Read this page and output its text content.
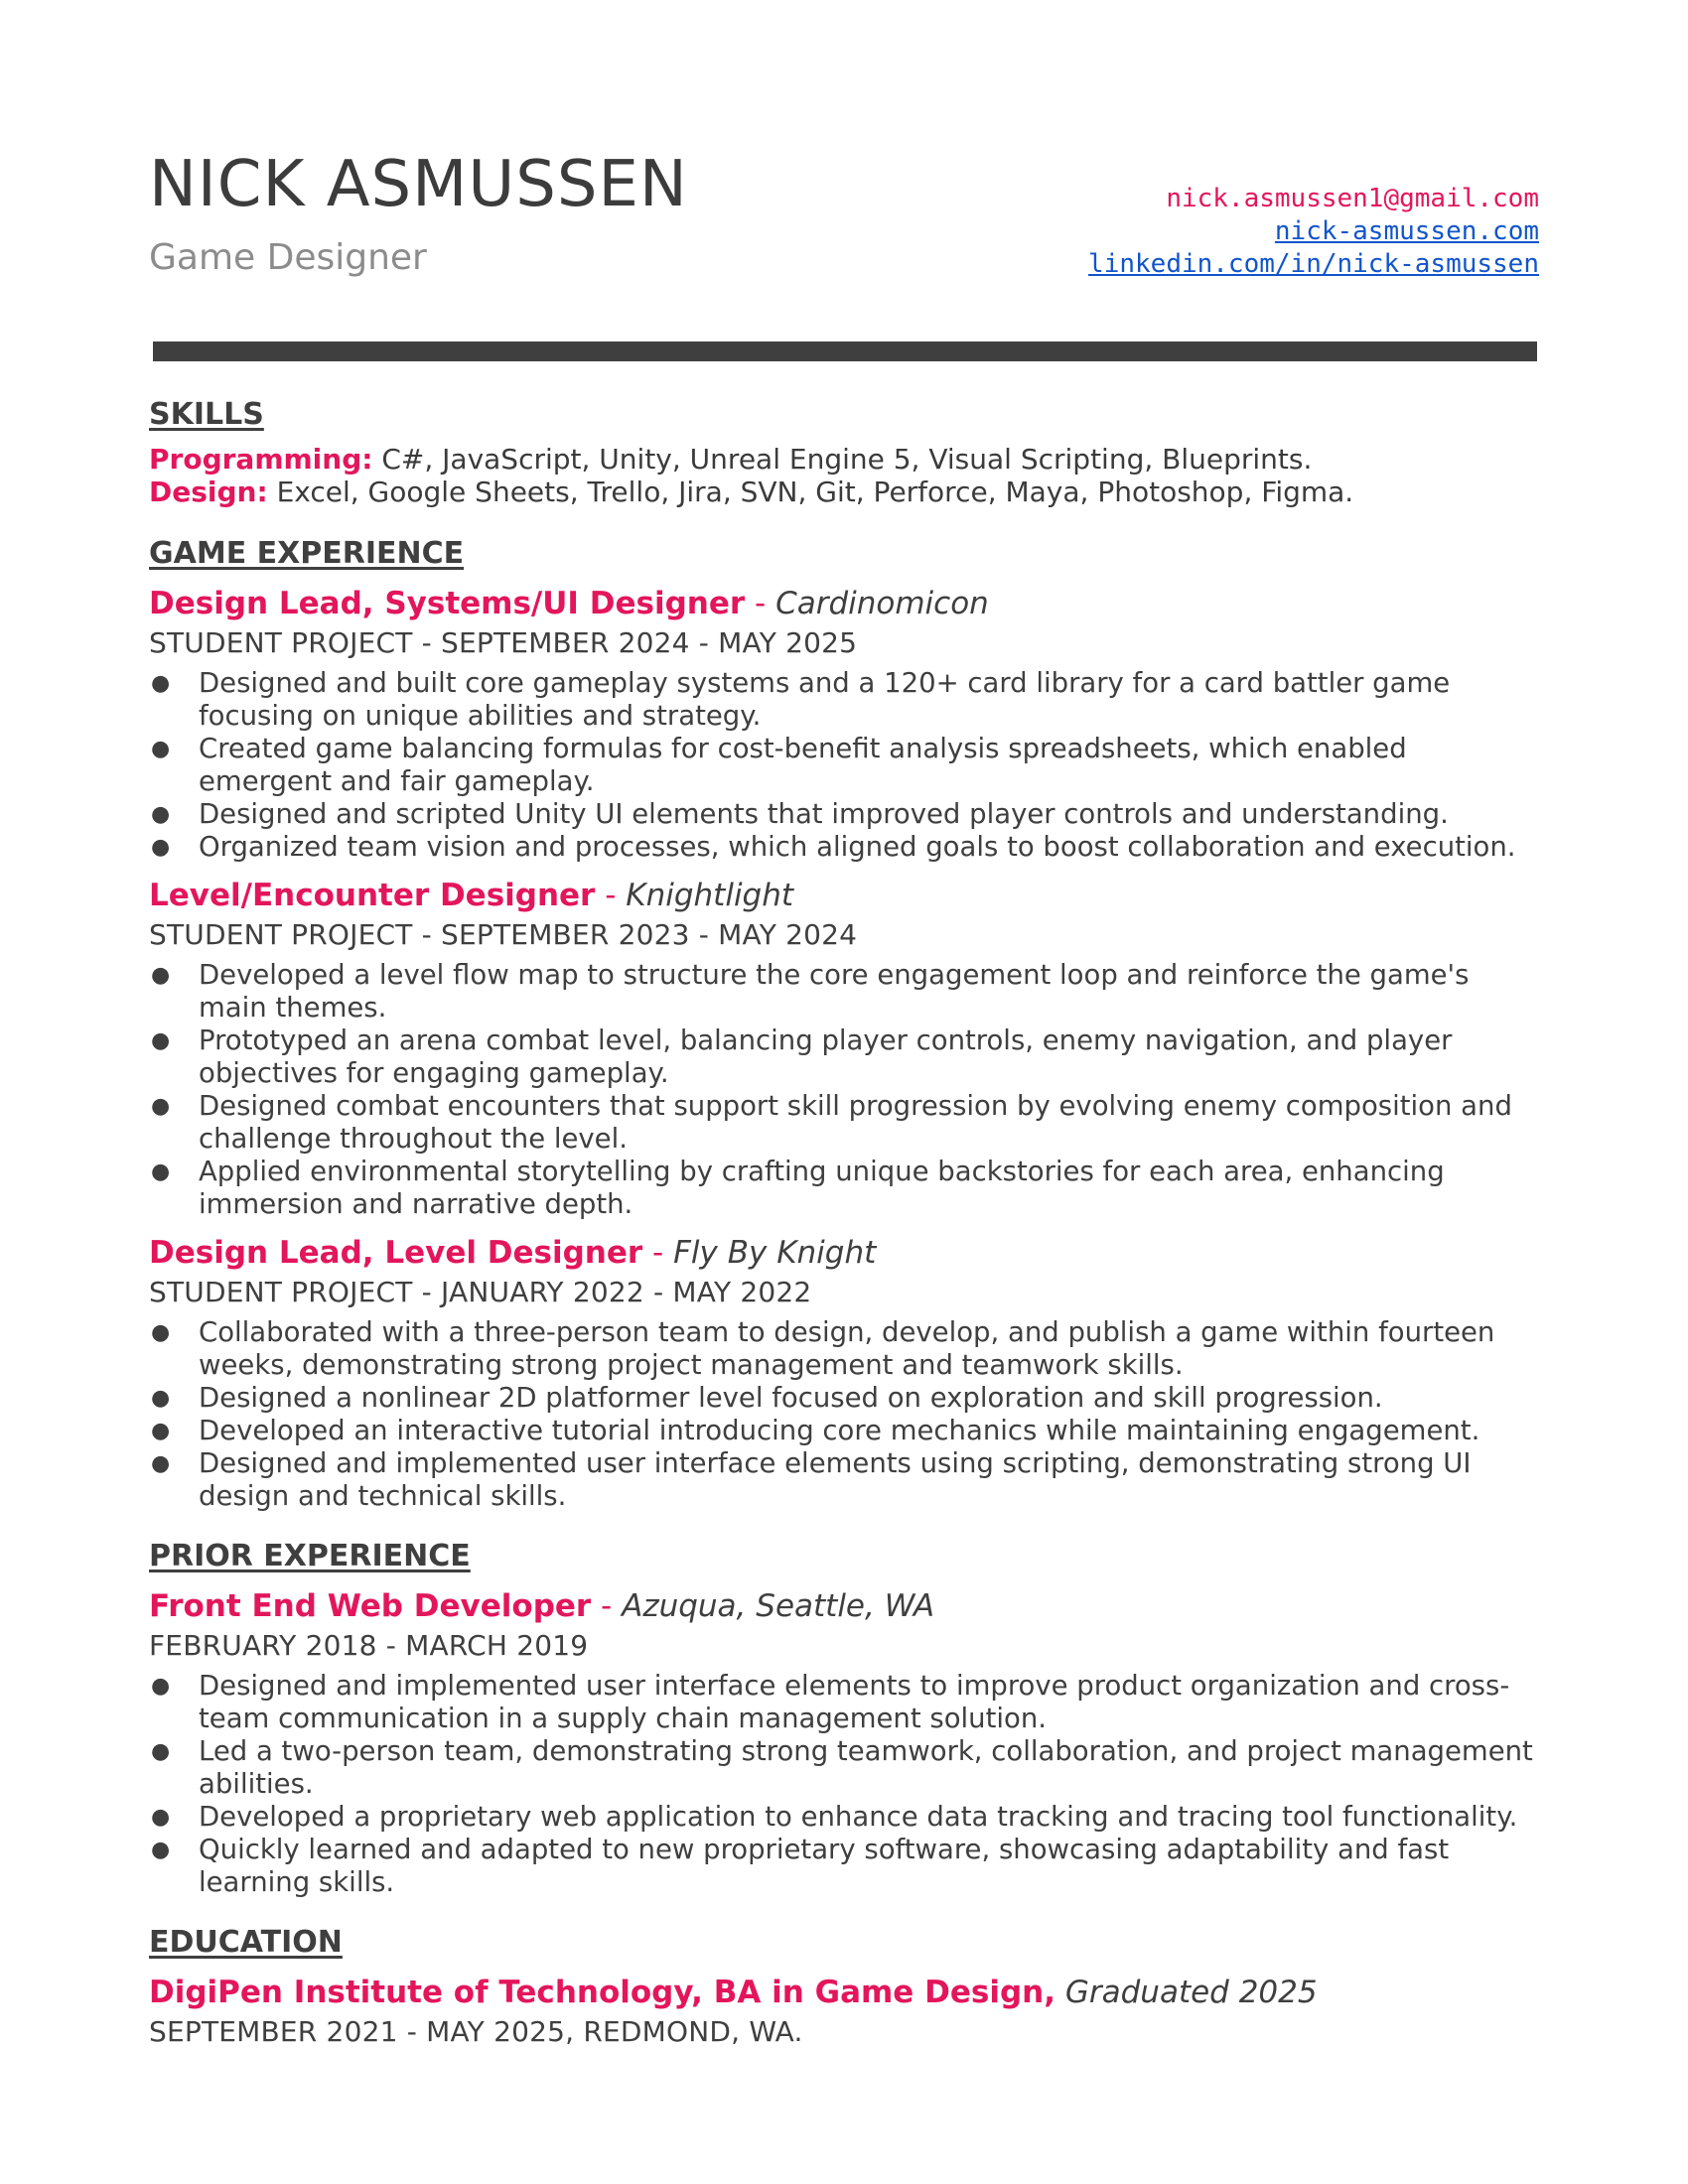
NICK ASMUSSEN
Game Designer
nick.asmussen1@gmail.com
nick-asmussen.com
linkedin.com/in/nick-asmussen
SKILLS
Programming: C#, JavaScript, Unity, Unreal Engine 5, Visual Scripting, Blueprints.
Design: Excel, Google Sheets, Trello, Jira, SVN, Git, Perforce, Maya, Photoshop, Figma.
GAME EXPERIENCE
Design Lead, Systems/UI Designer - Cardinomicon
STUDENT PROJECT - SEPTEMBER 2024 - MAY 2025
● Designed and built core gameplay systems and a 120+ card library for a card battler game focusing on unique abilities and strategy.
● Created game balancing formulas for cost-benefit analysis spreadsheets, which enabled emergent and fair gameplay.
● Designed and scripted Unity UI elements that improved player controls and understanding.
● Organized team vision and processes, which aligned goals to boost collaboration and execution.
Level/Encounter Designer - Knightlight
STUDENT PROJECT - SEPTEMBER 2023 - MAY 2024
● Developed a level flow map to structure the core engagement loop and reinforce the game's main themes.
● Prototyped an arena combat level, balancing player controls, enemy navigation, and player objectives for engaging gameplay.
● Designed combat encounters that support skill progression by evolving enemy composition and challenge throughout the level.
● Applied environmental storytelling by crafting unique backstories for each area, enhancing immersion and narrative depth.
Design Lead, Level Designer - Fly By Knight
STUDENT PROJECT - JANUARY 2022 - MAY 2022
● Collaborated with a three-person team to design, develop, and publish a game within fourteen weeks, demonstrating strong project management and teamwork skills.
● Designed a nonlinear 2D platformer level focused on exploration and skill progression.
● Developed an interactive tutorial introducing core mechanics while maintaining engagement.
● Designed and implemented user interface elements using scripting, demonstrating strong UI design and technical skills.
PRIOR EXPERIENCE
Front End Web Developer - Azuqua, Seattle, WA
FEBRUARY 2018 - MARCH 2019
● Designed and implemented user interface elements to improve product organization and cross-team communication in a supply chain management solution.
● Led a two-person team, demonstrating strong teamwork, collaboration, and project management abilities.
● Developed a proprietary web application to enhance data tracking and tracing tool functionality.
● Quickly learned and adapted to new proprietary software, showcasing adaptability and fast learning skills.
EDUCATION
DigiPen Institute of Technology, BA in Game Design, Graduated 2025
SEPTEMBER 2021 - MAY 2025, REDMOND, WA.
